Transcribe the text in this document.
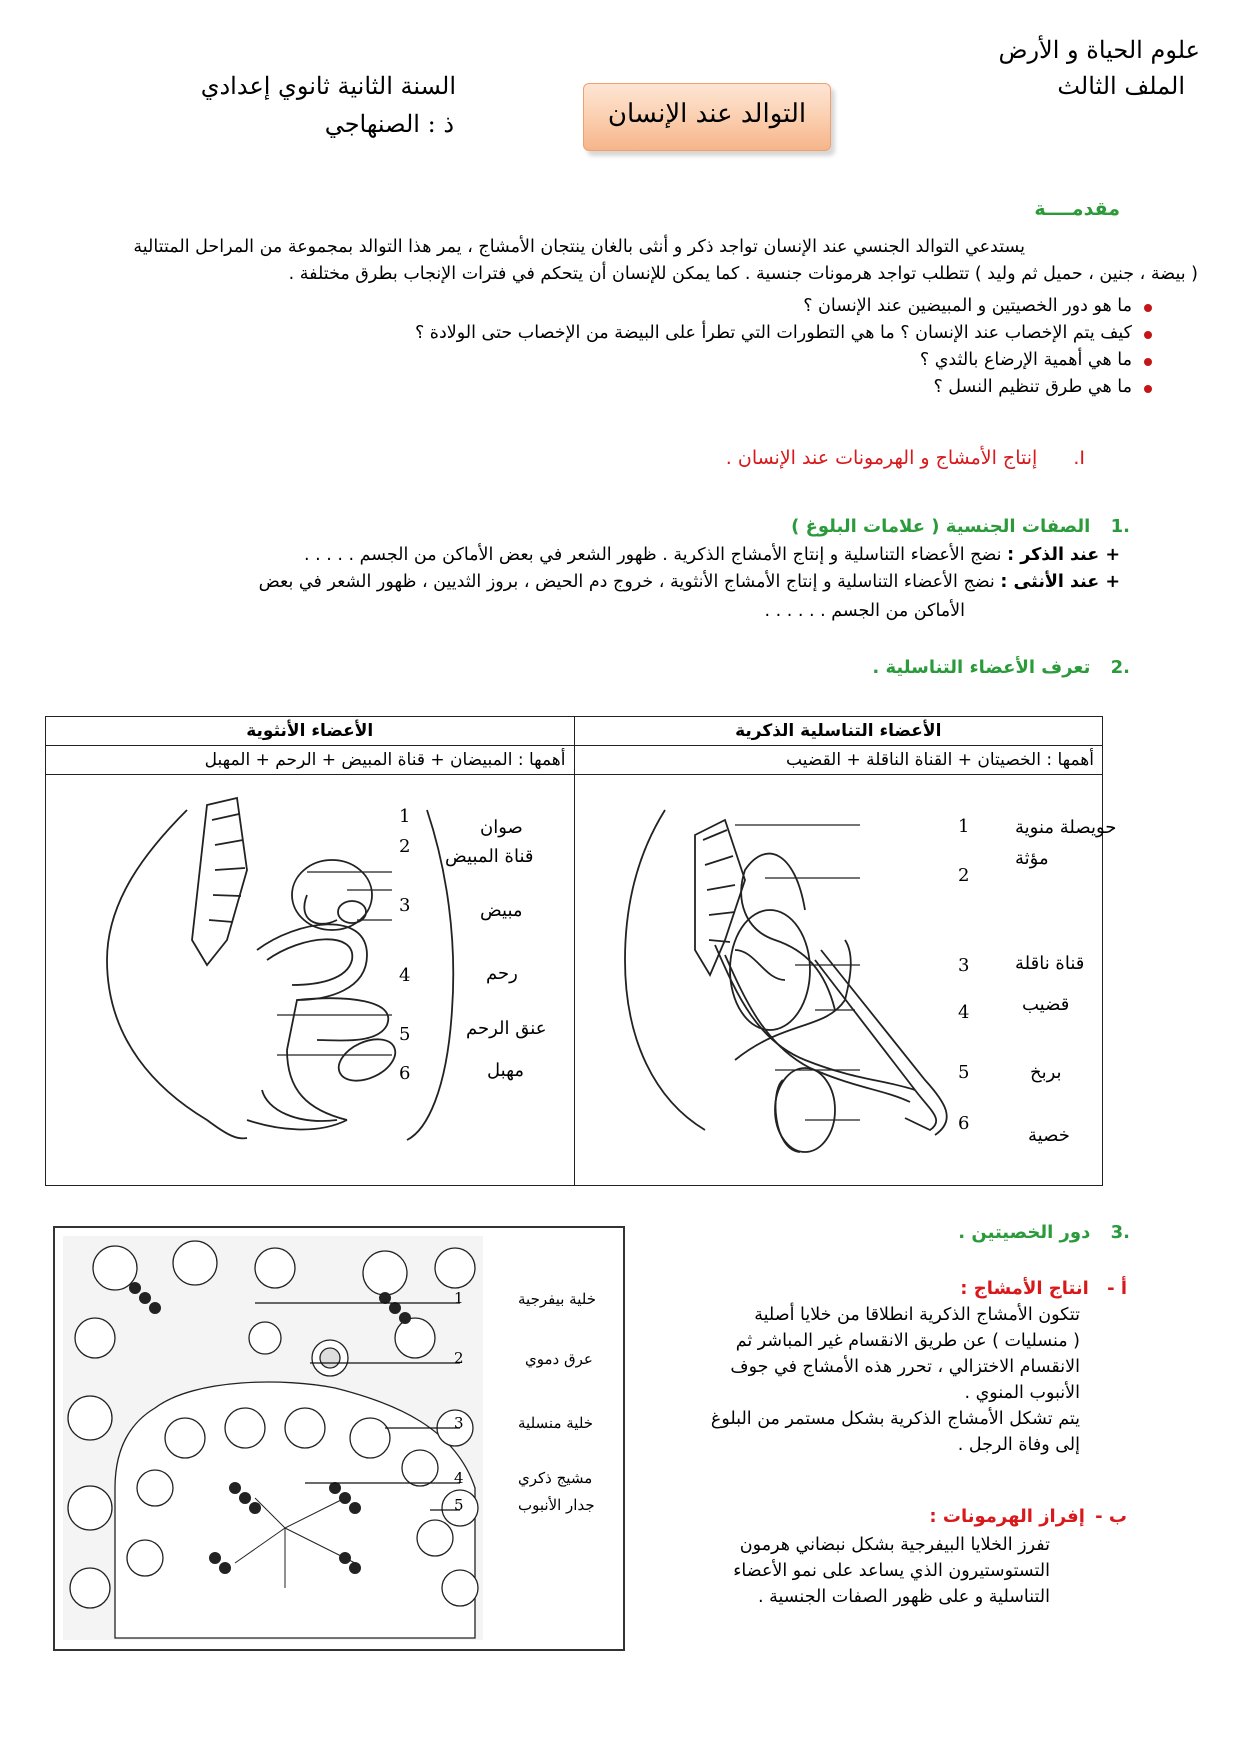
علوم الحياة و الأرض
الملف الثالث
السنة الثانية ثانوي إعدادي
ذ : الصنهاجي	التوالد عند الإنسان
مقدمــــة
يستدعي التوالد الجنسي عند الإنسان تواجد ذكر و أنثى بالغان ينتجان الأمشاج ، يمر هذا التوالد بمجموعة من المراحل المتتالية
( بيضة ، جنين ، حميل ثم وليد ) تتطلب تواجد هرمونات جنسية . كما يمكن للإنسان أن يتحكم في فترات الإنجاب بطرق مختلفة .
ما هو دور الخصيتين و المبيضين عند الإنسان ؟
كيف يتم الإخصاب عند الإنسان ؟ ما هي التطورات التي تطرأ على البيضة من الإخصاب حتى الولادة ؟
ما هي أهمية الإرضاع بالثدي ؟
ما هي طرق تنظيم النسل ؟
I. إنتاج الأمشاج و الهرمونات عند الإنسان .
.1 الصفات الجنسية ( علامات البلوغ )
+ عند الذكر : نضج الأعضاء التناسلية و إنتاج الأمشاج الذكرية . ظهور الشعر في بعض الأماكن من الجسم . . . . .
+ عند الأنثى : نضج الأعضاء التناسلية و إنتاج الأمشاج الأنثوية ، خروج دم الحيض ، بروز الثديين ، ظهور الشعر في بعض
الأماكن من الجسم . . . . . .
.2 تعرف الأعضاء التناسلية .
الأعضاء التناسلية الذكرية	الأعضاء الأنثوية
أهمها : الخصيتان + القناة الناقلة + القضيب	أهمها : المبيضان + قناة المبيض + الرحم + المهبل

1
2
3
4
5
6
حويصلة منوية
مؤثة
قناة ناقلة
قضيب
بربخ
خصية
1
2
3
4
5
6
صوان
قناة المبيض
مبيض
رحم
عنق الرحم
مهبل
.3 دور الخصيتين .
أ - انتاج الأمشاج :
تتكون الأمشاج الذكرية انطلاقا من خلايا أصلية
( منسليات ) عن طريق الانقسام غير المباشر ثم
الانقسام الاختزالي ، تحرر هذه الأمشاج في جوف
الأنبوب المنوي .
يتم تشكل الأمشاج الذكرية بشكل مستمر من البلوغ
إلى وفاة الرجل .
ب - إفراز الهرمونات :
تفرز الخلايا البيفرجية بشكل نبضاني هرمون
التستوستيرون الذي يساعد على نمو الأعضاء
التناسلية و على ظهور الصفات الجنسية .
1
2
3
4
5
خلية بيفرجية
عرق دموي
خلية منسلية
مشيج ذكري
جدار الأنبوب
